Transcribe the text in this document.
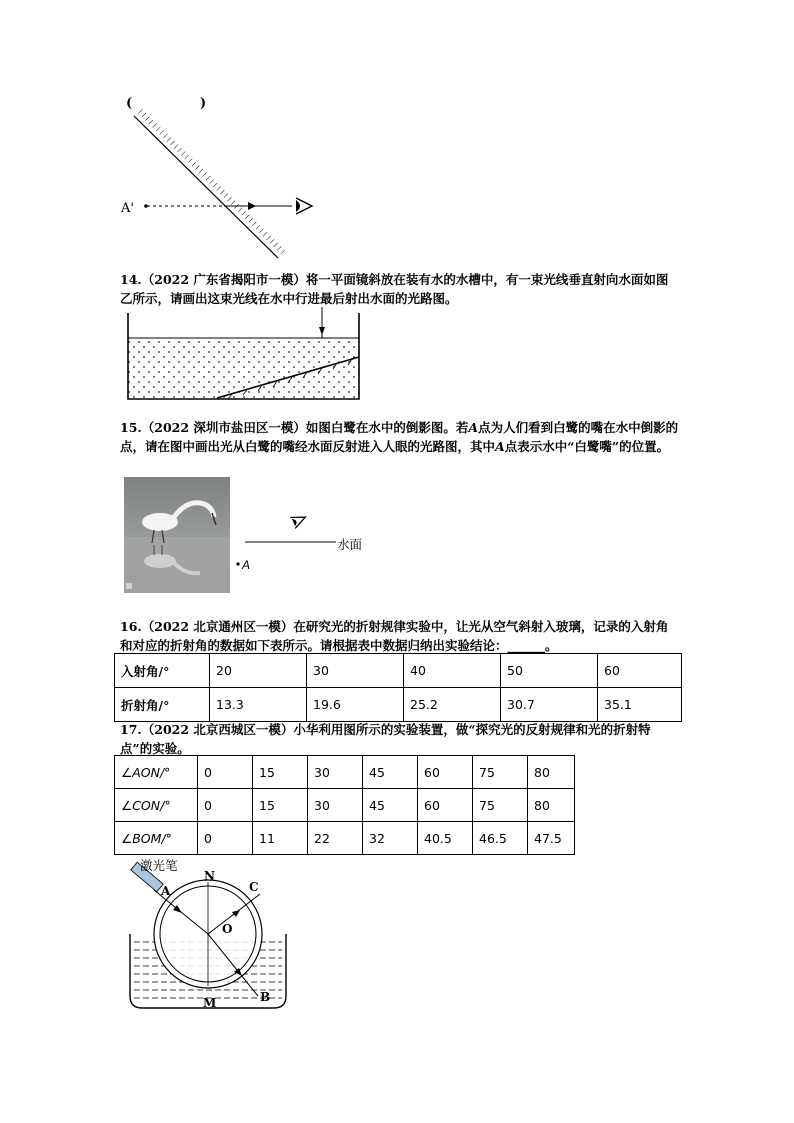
(	)
A'
14.（2022 广东省揭阳市一模）将一平面镜斜放在装有水的水槽中，有一束光线垂直射向水面如图乙所示，请画出这束光线在水中行进最后射出水面的光路图。
15.（2022 深圳市盐田区一模）如图白鹭在水中的倒影图。若A点为人们看到白鹭的嘴在水中倒影的点，请在图中画出光从白鹭的嘴经水面反射进入人眼的光路图，其中A点表示水中“白鹭嘴”的位置。
水面
A
16.（2022 北京通州区一模）在研究光的折射规律实验中，让光从空气斜射入玻璃，记录的入射角和对应的折射角的数据如下表所示。请根据表中数据归纳出实验结论：______。
入射角/°	20	30	40	50	60
折射角/°	13.3	19.6	25.2	30.7	35.1
17.（2022 北京西城区一模）小华利用图所示的实验装置，做“探究光的反射规律和光的折射特点”的实验。
∠AON/°	0	15	30	45	60	75	80
∠CON/°	0	15	30	45	60	75	80
∠BOM/°	0	11	22	32	40.5	46.5	47.5
激光笔
A
N
C
O
B
M
